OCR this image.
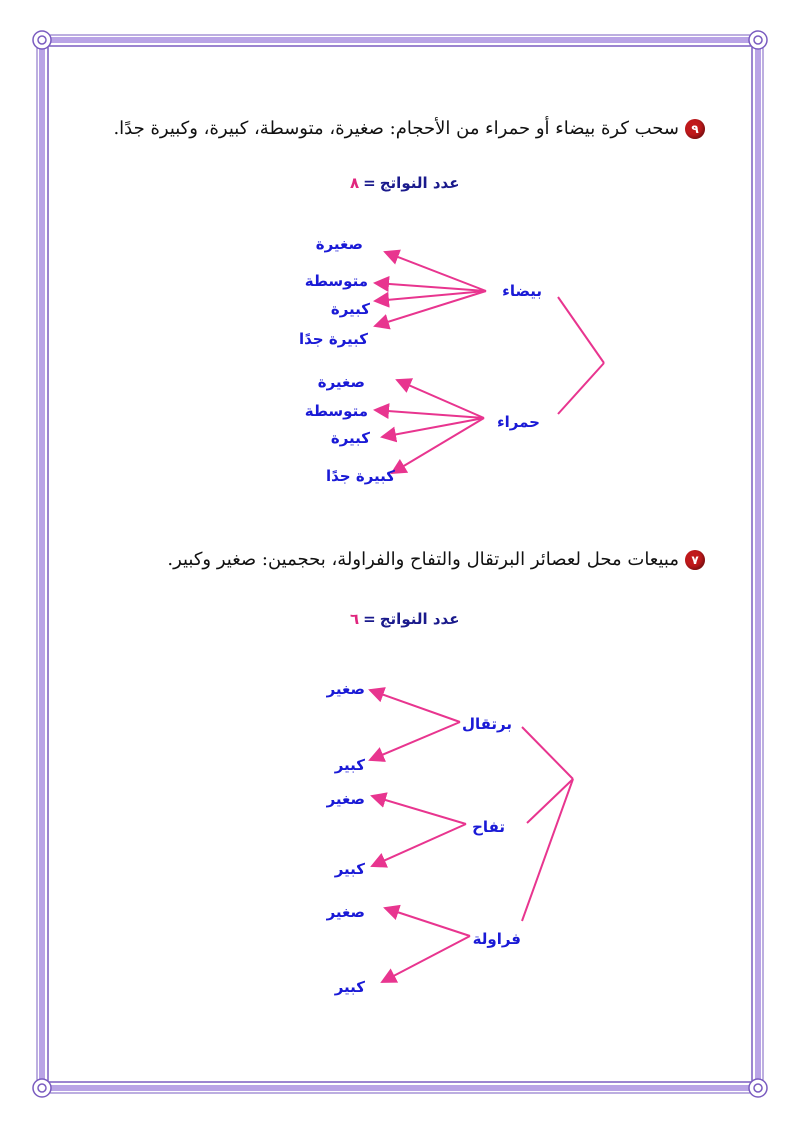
٩
سحب كرة بيضاء أو حمراء من الأحجام: صغيرة، متوسطة، كبيرة، وكبيرة جدًا.
عدد النواتج=٨
٧
مبيعات محل لعصائر البرتقال والتفاح والفراولة، بحجمين: صغير وكبير.
عدد النواتج=٦
بيضاء
صغيرة
متوسطة
كبيرة
كبيرة جدًا
حمراء
صغيرة
متوسطة
كبيرة
كبيرة جدًا
برتقال
صغير
كبير
تفاح
صغير
كبير
فراولة
صغير
كبير
